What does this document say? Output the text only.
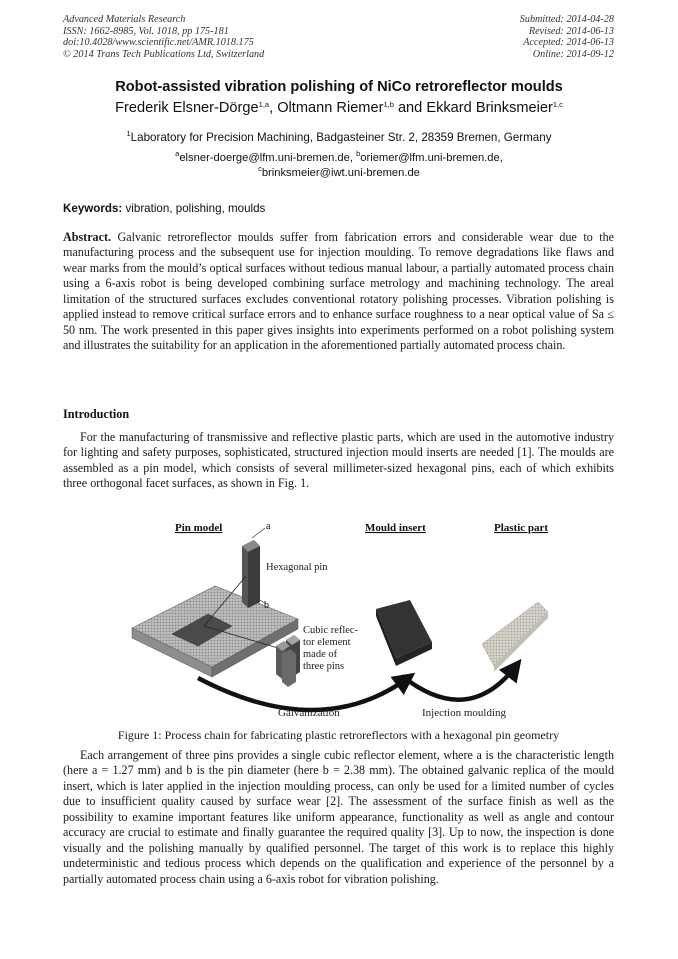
Advanced Materials Research
ISSN: 1662-8985, Vol. 1018, pp 175-181
doi:10.4028/www.scientific.net/AMR.1018.175
© 2014 Trans Tech Publications Ltd, Switzerland
Submitted: 2014-04-28
Revised: 2014-06-13
Accepted: 2014-06-13
Online: 2014-09-12
Robot-assisted vibration polishing of NiCo retroreflector moulds
Frederik Elsner-Dörge$^{1,a}$, Oltmann Riemer$^{1,b}$ and Ekkard Brinksmeier$^{1,c}$
$^1$Laboratory for Precision Machining, Badgasteiner Str. 2, 28359 Bremen, Germany
$^a$elsner-doerge@lfm.uni-bremen.de, $^b$oriemer@lfm.uni-bremen.de,
$^c$brinksmeier@iwt.uni-bremen.de
Keywords: vibration, polishing, moulds

Abstract. Galvanic retroreflector moulds suffer from fabrication errors and considerable wear due to the manufacturing process and the subsequent use for injection moulding. To remove degradations like flaws and wear marks from the mould’s optical surfaces without tedious manual labour, a partially automated process chain using a 6-axis robot is being developed combining surface metrology and machining technology. The areal limitation of the structured surfaces excludes conventional rotatory polishing processes. Vibration polishing is applied instead to remove critical surface errors and to enhance surface roughness to a near optical value of Sa ≤ 50 nm. The work presented in this paper gives insights into experiments performed on a robot polishing system and illustrates the suitability for an application in the aforementioned partially automated process chain.

Introduction

For the manufacturing of transmissive and reflective plastic parts, which are used in the automotive industry for lighting and safety purposes, sophisticated, structured injection mould inserts are needed [1]. The moulds are assembled as a pin model, which consists of several millimeter-sized hexagonal pins, each of which exhibits three orthogonal facet surfaces, as shown in Fig. 1.

Pin model	Mould insert	Plastic part
a
b
Hexagonal pin
Cubic reflec-
tor element
made of
three pins
Galvanization	Injection moulding
Figure 1: Process chain for fabricating plastic retroreflectors with a hexagonal pin geometry

Each arrangement of three pins provides a single cubic reflector element, where a is the characteristic length (here a = 1.27 mm) and b is the pin diameter (here b = 2.38 mm). The obtained galvanic replica of the mould insert, which is later applied in the injection moulding process, can only be used for a limited number of cycles due to insufficient quality caused by surface wear [2]. The assessment of the surface finish as well as the possibility to examine important features like uniform appearance, functionality as well as angle and contour accuracy are crucial to estimate and finally guarantee the required quality [3]. Up to now, the inspection is done visually and the polishing manually by qualified personnel. The target of this work is to replace this highly undeterministic and tedious process which depends on the qualification and experience of the personnel by a partially automated process chain using a 6-axis robot for vibration polishing.
